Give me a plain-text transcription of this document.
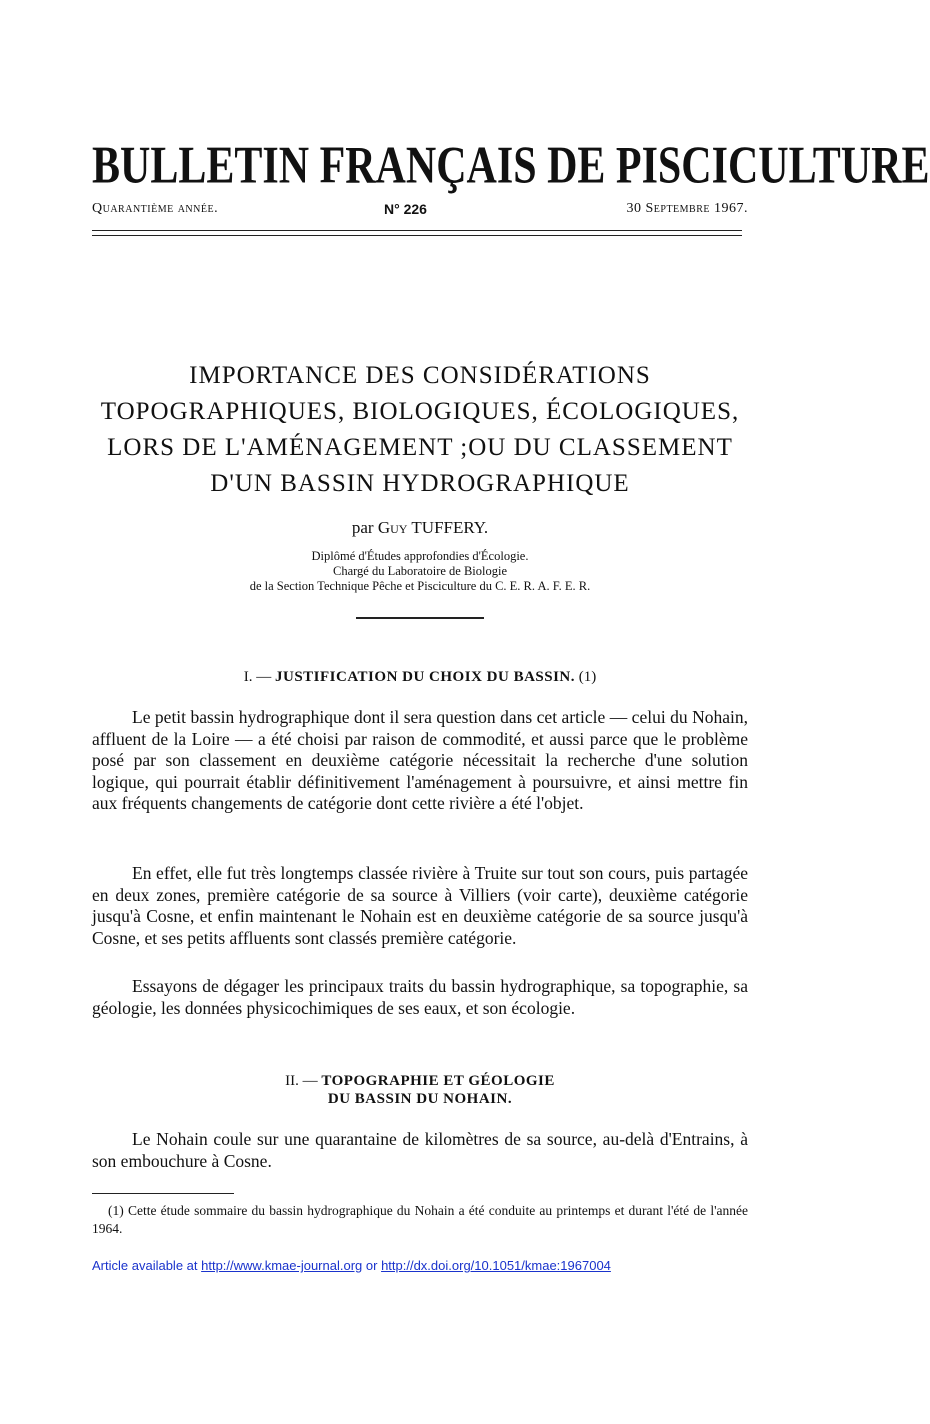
BULLETIN FRANÇAIS DE PISCICULTURE
Quarantième année.	N° 226	30 Septembre 1967.
IMPORTANCE DES CONSIDÉRATIONS
TOPOGRAPHIQUES, BIOLOGIQUES, ÉCOLOGIQUES,
LORS DE L'AMÉNAGEMENT ;OU DU CLASSEMENT
D'UN BASSIN HYDROGRAPHIQUE
par Guy TUFFERY.
Diplômé d'Études approfondies d'Écologie.
Chargé du Laboratoire de Biologie
de la Section Technique Pêche et Pisciculture du C. E. R. A. F. E. R.
I. — JUSTIFICATION DU CHOIX DU BASSIN. (1)

Le petit bassin hydrographique dont il sera question dans cet article — celui du Nohain, affluent de la Loire — a été choisi par raison de commodité, et aussi parce que le problème posé par son classement en deuxième catégorie nécessitait la recherche d'une solution logique, qui pourrait établir définitivement l'aménagement à poursuivre, et ainsi mettre fin aux fréquents changements de catégorie dont cette rivière a été l'objet.

En effet, elle fut très longtemps classée rivière à Truite sur tout son cours, puis partagée en deux zones, première catégorie de sa source à Villiers (voir carte), deuxième catégorie jusqu'à Cosne, et enfin maintenant le Nohain est en deuxième catégorie de sa source jusqu'à Cosne, et ses petits affluents sont classés première catégorie.

Essayons de dégager les principaux traits du bassin hydrographique, sa topographie, sa géologie, les données physicochimiques de ses eaux, et son écologie.

II. — TOPOGRAPHIE ET GÉOLOGIE
DU BASSIN DU NOHAIN.

Le Nohain coule sur une quarantaine de kilomètres de sa source, au-delà d'Entrains, à son embouchure à Cosne.

(1) Cette étude sommaire du bassin hydrographique du Nohain a été conduite au printemps et durant l'été de l'année 1964.

Article available at http://www.kmae-journal.org or http://dx.doi.org/10.1051/kmae:1967004
